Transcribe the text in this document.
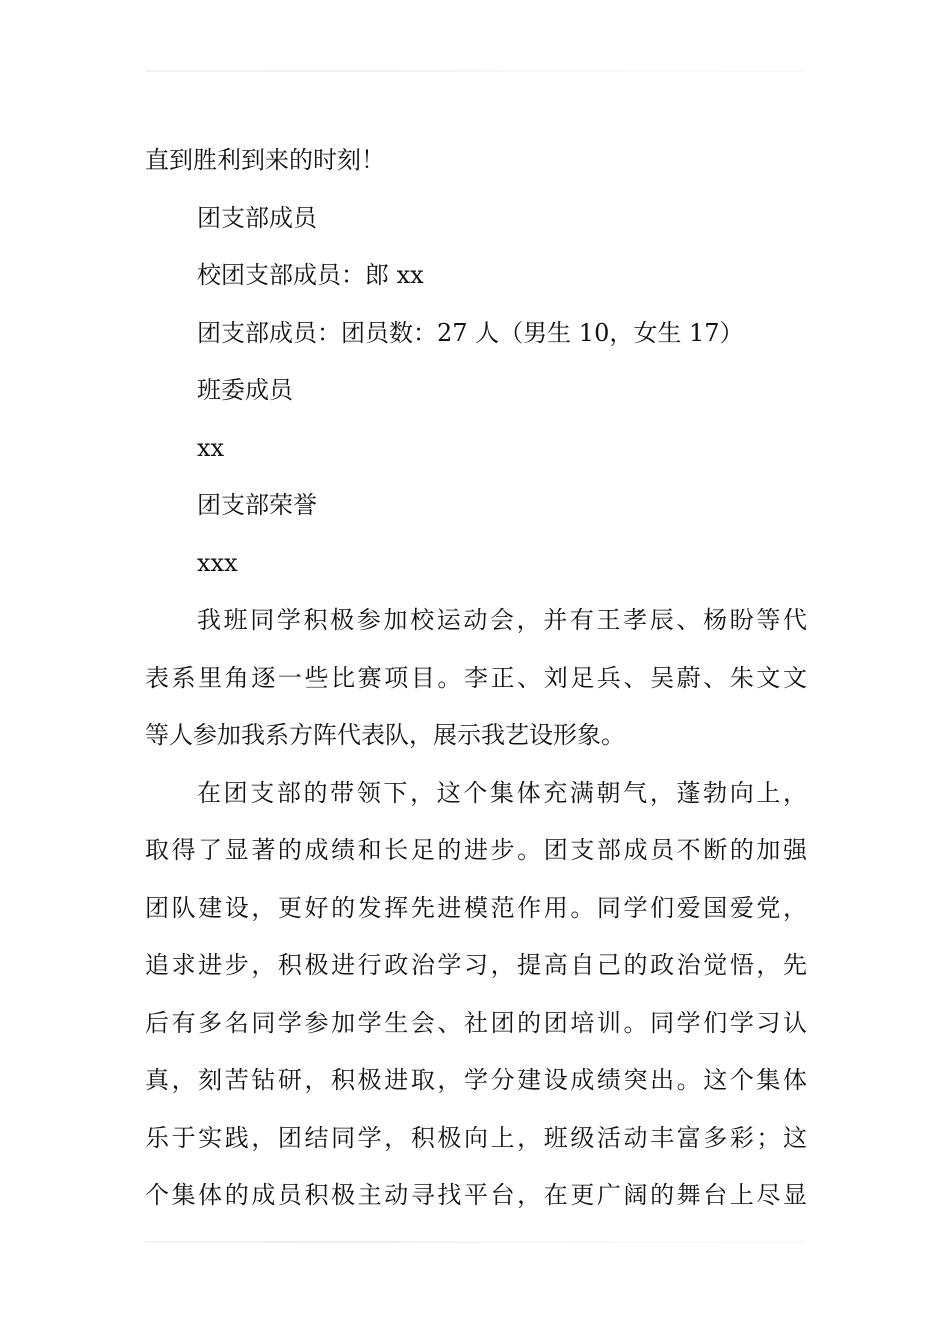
直到胜利到来的时刻！
团支部成员
校团支部成员：郎 xx
团支部成员：团员数：27 人（男生 10，女生 17）
班委成员
xx
团支部荣誉
xxx
我班同学积极参加校运动会，并有王孝辰、杨盼等代
表系里角逐一些比赛项目。李正、刘足兵、吴蔚、朱文文
等人参加我系方阵代表队，展示我艺设形象。
在团支部的带领下，这个集体充满朝气，蓬勃向上，
取得了显著的成绩和长足的进步。团支部成员不断的加强
团队建设，更好的发挥先进模范作用。同学们爱国爱党，
追求进步，积极进行政治学习，提高自己的政治觉悟，先
后有多名同学参加学生会、社团的团培训。同学们学习认
真，刻苦钻研，积极进取，学分建设成绩突出。这个集体
乐于实践，团结同学，积极向上，班级活动丰富多彩；这
个集体的成员积极主动寻找平台，在更广阔的舞台上尽显
